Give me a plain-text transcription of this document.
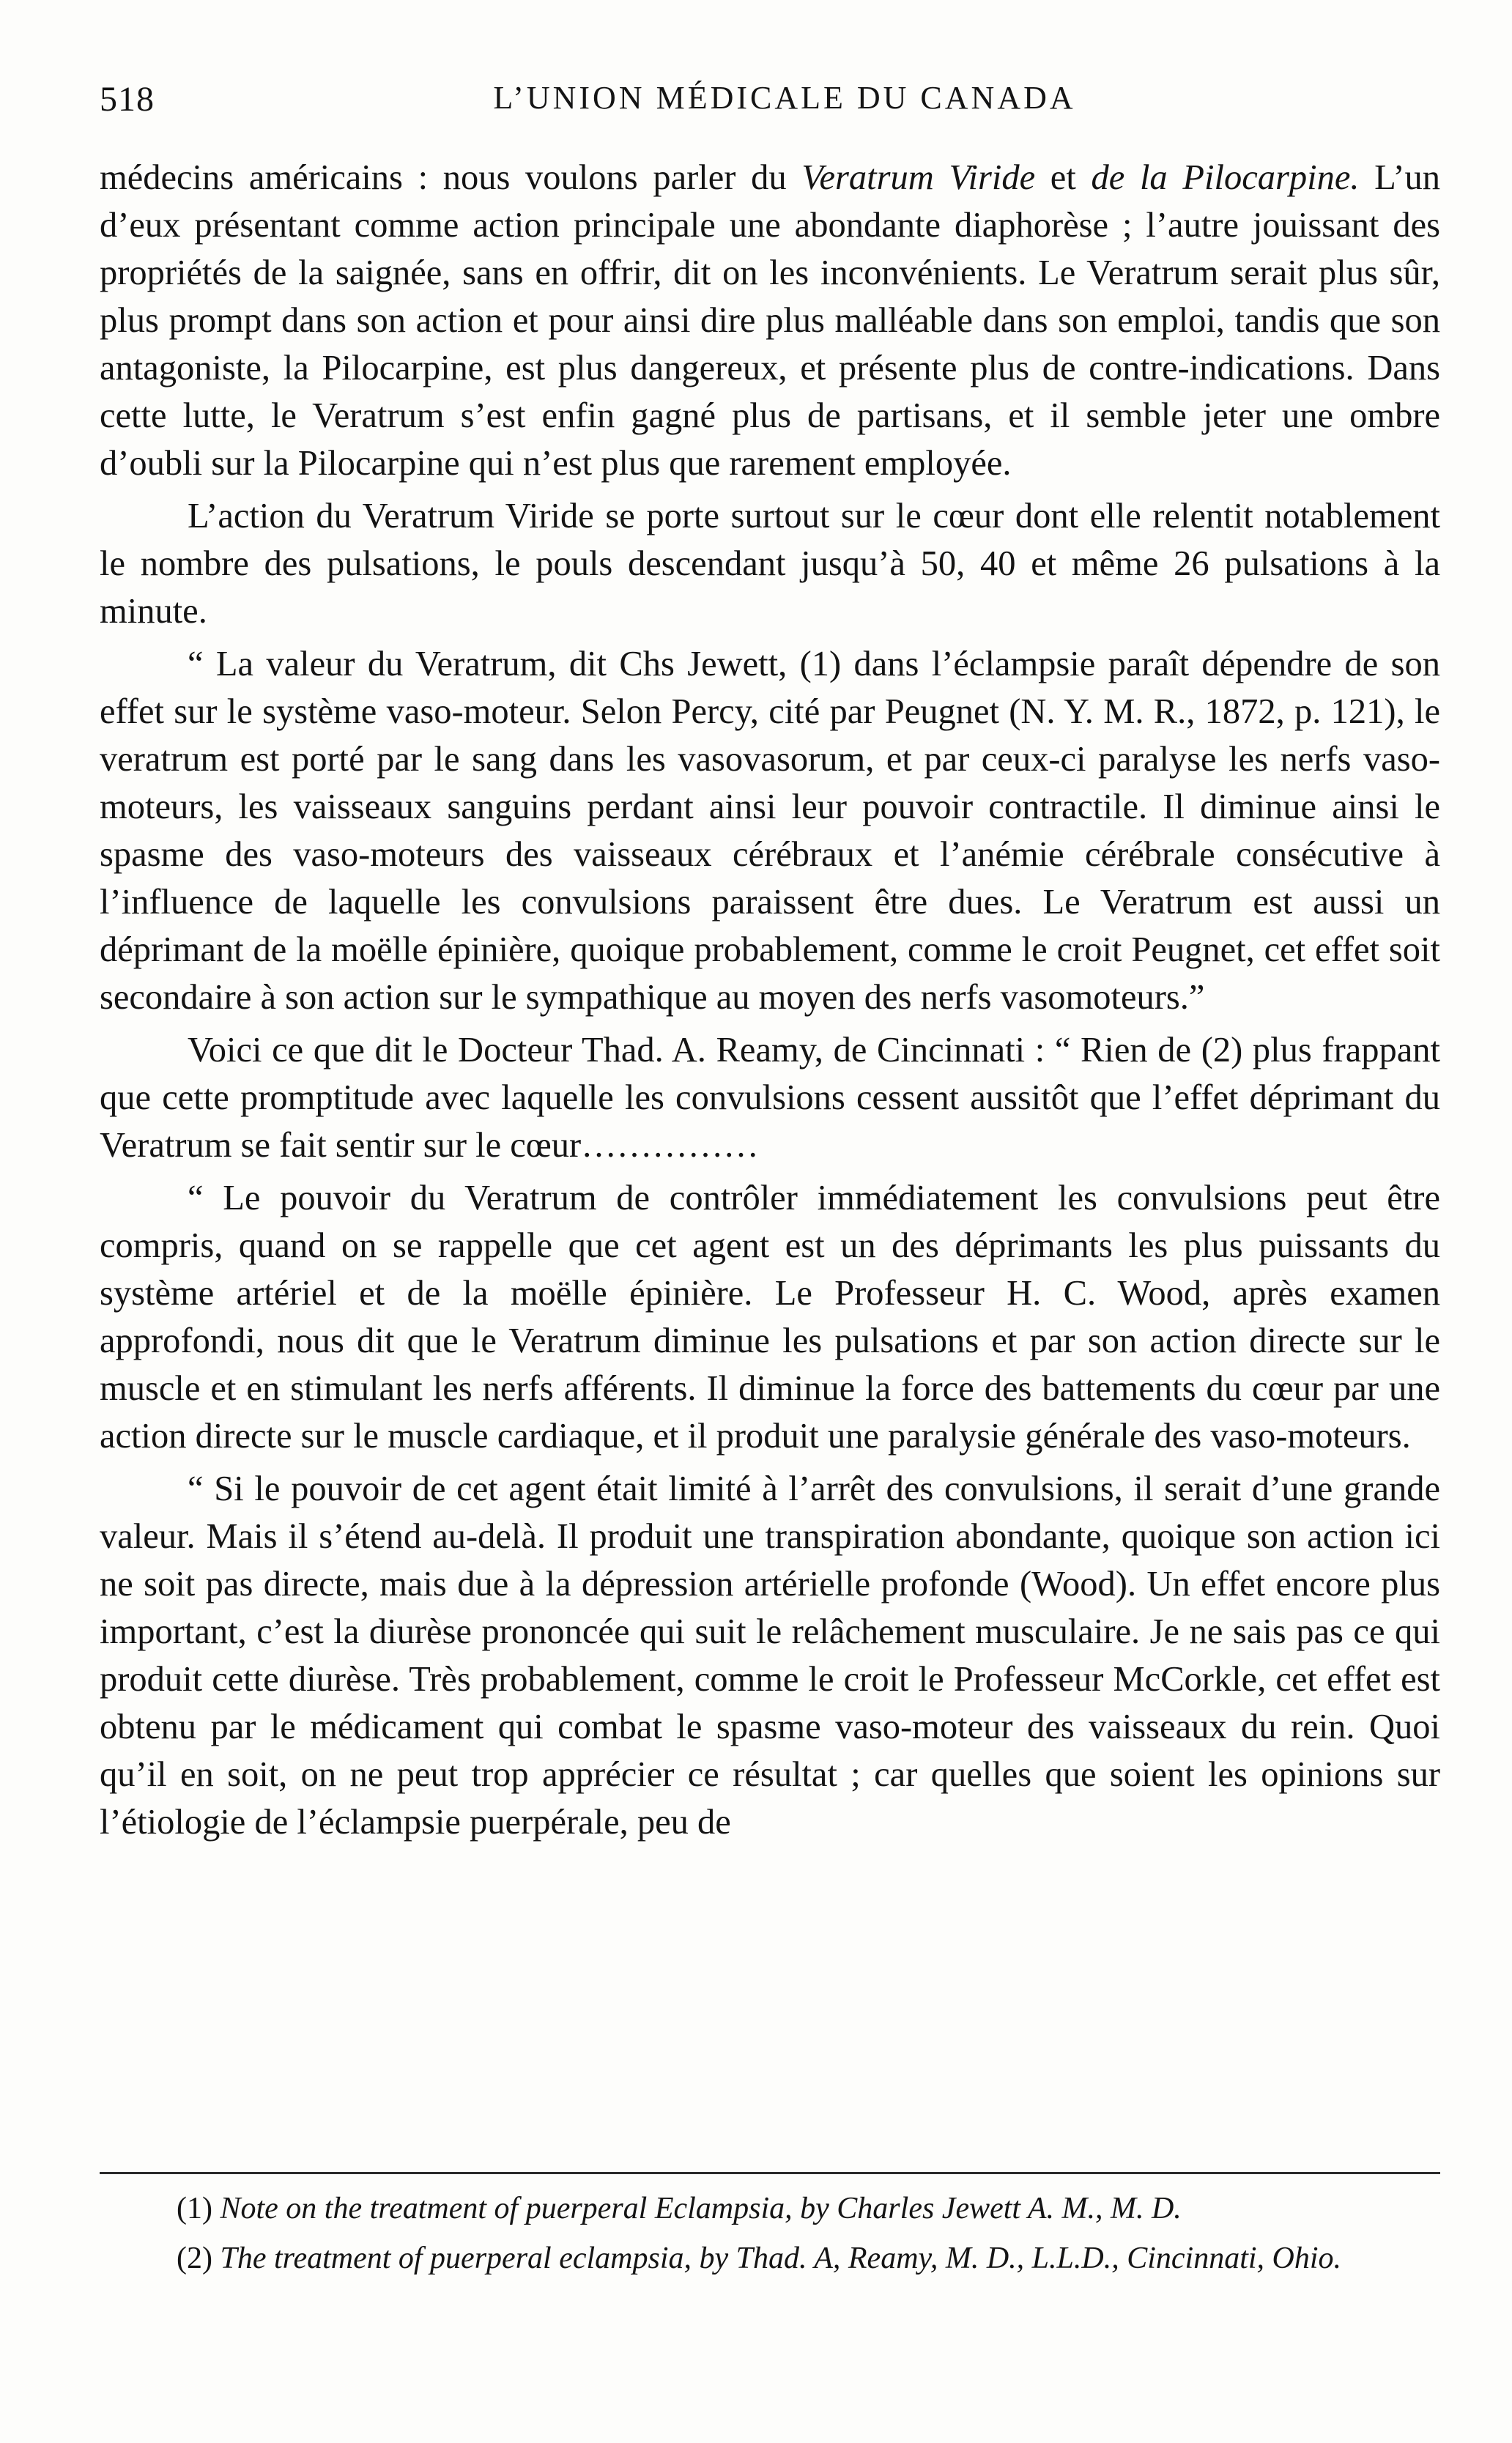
518	L’UNION MÉDICALE DU CANADA

médecins américains : nous voulons parler du Veratrum Viride et de la Pilocarpine. L’un d’eux présentant comme action principale une abondante diaphorèse ; l’autre jouissant des propriétés de la saignée, sans en offrir, dit on les inconvénients. Le Veratrum serait plus sûr, plus prompt dans son action et pour ainsi dire plus malléable dans son emploi, tandis que son antagoniste, la Pilocarpine, est plus dangereux, et présente plus de contre-indications. Dans cette lutte, le Veratrum s’est enfin gagné plus de partisans, et il semble jeter une ombre d’oubli sur la Pilocarpine qui n’est plus que rarement employée.

L’action du Veratrum Viride se porte surtout sur le cœur dont elle relentit notablement le nombre des pulsations, le pouls descendant jusqu’à 50, 40 et même 26 pulsations à la minute.

“ La valeur du Veratrum, dit Chs Jewett, (1) dans l’éclampsie paraît dépendre de son effet sur le système vaso-moteur. Selon Percy, cité par Peugnet (N. Y. M. R., 1872, p. 121), le veratrum est porté par le sang dans les vasovasorum, et par ceux-ci paralyse les nerfs vaso-moteurs, les vaisseaux sanguins perdant ainsi leur pouvoir contractile. Il diminue ainsi le spasme des vaso-moteurs des vaisseaux cérébraux et l’anémie cérébrale consécutive à l’influence de laquelle les convulsions paraissent être dues. Le Veratrum est aussi un déprimant de la moëlle épinière, quoique probablement, comme le croit Peugnet, cet effet soit secondaire à son action sur le sympathique au moyen des nerfs vasomoteurs.”

Voici ce que dit le Docteur Thad. A. Reamy, de Cincinnati : “ Rien de (2) plus frappant que cette promptitude avec laquelle les convulsions cessent aussitôt que l’effet déprimant du Veratrum se fait sentir sur le cœur……………

“ Le pouvoir du Veratrum de contrôler immédiatement les convulsions peut être compris, quand on se rappelle que cet agent est un des déprimants les plus puissants du système artériel et de la moëlle épinière. Le Professeur H. C. Wood, après examen approfondi, nous dit que le Veratrum diminue les pulsations et par son action directe sur le muscle et en stimulant les nerfs afférents. Il diminue la force des battements du cœur par une action directe sur le muscle cardiaque, et il produit une paralysie générale des vaso-moteurs.

“ Si le pouvoir de cet agent était limité à l’arrêt des convulsions, il serait d’une grande valeur. Mais il s’étend au-delà. Il produit une transpiration abondante, quoique son action ici ne soit pas directe, mais due à la dépression artérielle profonde (Wood). Un effet encore plus important, c’est la diurèse prononcée qui suit le relâchement musculaire. Je ne sais pas ce qui produit cette diurèse. Très probablement, comme le croit le Professeur McCorkle, cet effet est obtenu par le médicament qui combat le spasme vaso-moteur des vaisseaux du rein. Quoi qu’il en soit, on ne peut trop apprécier ce résultat ; car quelles que soient les opinions sur l’étiologie de l’éclampsie puerpérale, peu de

(1) Note on the treatment of puerperal Eclampsia, by Charles Jewett A. M., M. D.

(2) The treatment of puerperal eclampsia, by Thad. A, Reamy, M. D., L.L.D., Cincinnati, Ohio.
